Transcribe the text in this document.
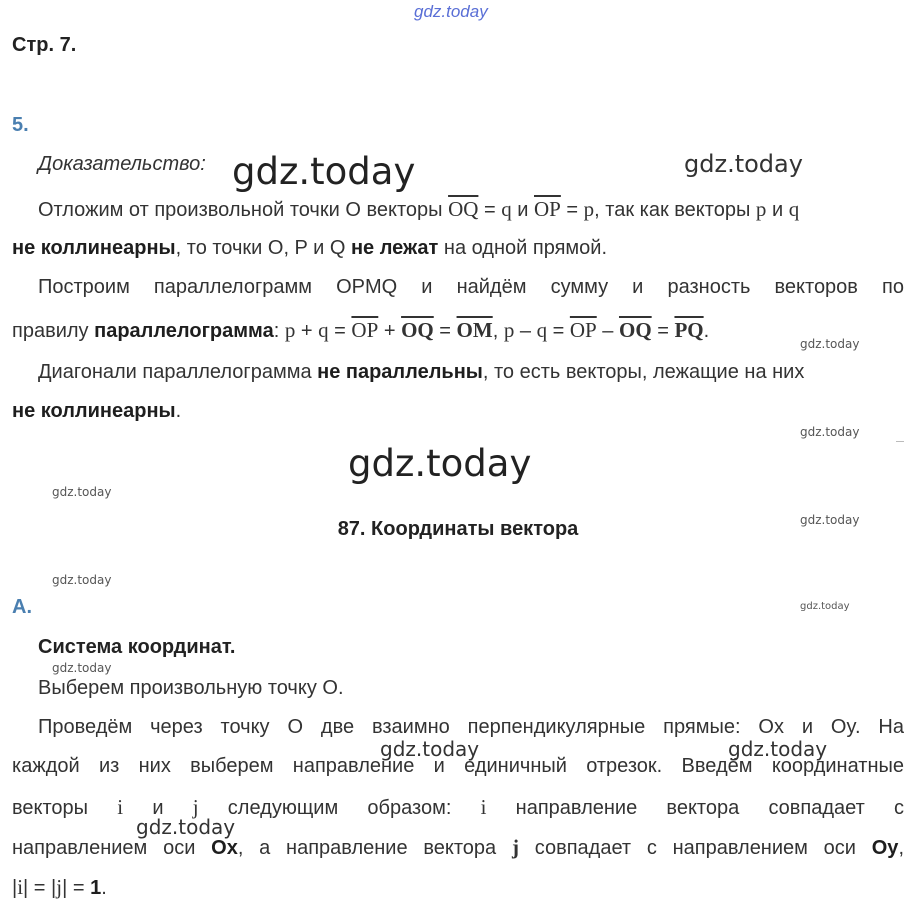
gdz.today
gdz.today	gdz.today
gdz.today
gdz.today
gdz.today
gdz.today
gdz.today
gdz.today
gdz.today
gdz.today
gdz.today	gdz.today
gdz.today
Стр. 7.
5.
Доказательство:
Отложим от произвольной точки O векторы $\overline{OQ} = q$ и $\overline{OP} = p$, так как векторы p и q
не коллинеарны, то точки O, P и Q не лежат на одной прямой.
Построим параллелограмм OPMQ и найдём сумму и разность векторов по
правилу параллелограмма: $p + q = \overline{OP} + \overline{OQ} = \overline{OM}$, $p - q = \overline{OP} - \overline{OQ} = \overline{PQ}$.
Диагонали параллелограмма не параллельны, то есть векторы, лежащие на них
не коллинеарны.
87. Координаты вектора
А.
Система координат.
Выберем произвольную точку O.
Проведём через точку O две взаимно перпендикулярные прямые: Ox и Oy. На
каждой из них выберем направление и единичный отрезок. Введём координатные
векторы i и j следующим образом: i направление вектора совпадает с
направлением оси Ox, а направление вектора j совпадает с направлением оси Oy,
|i| = |j| = 1.
